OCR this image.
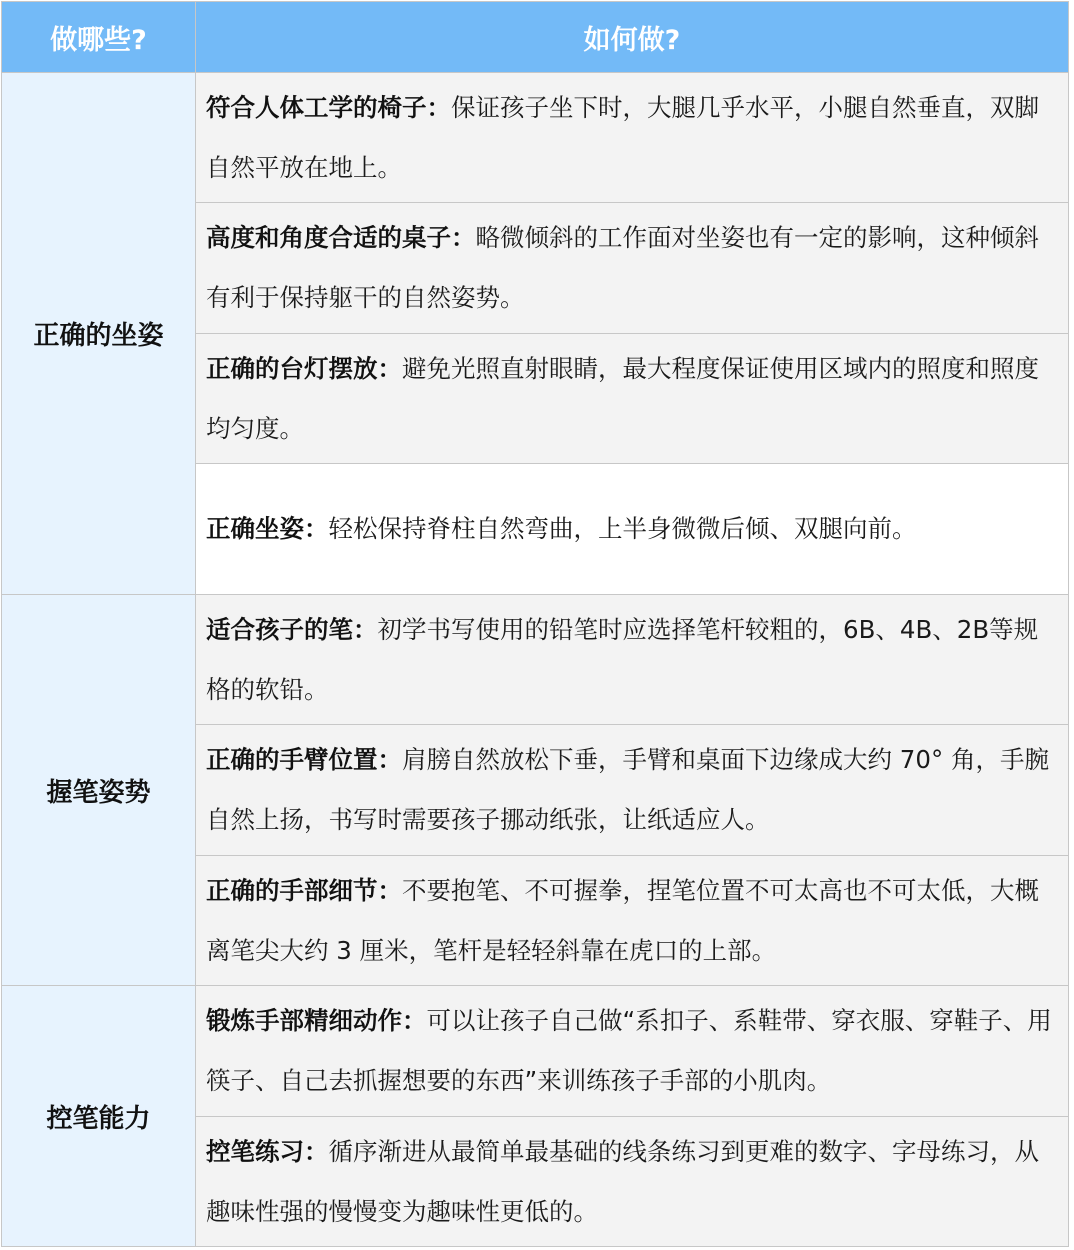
做哪些?	如何做?
正确的坐姿	符合人体工学的椅子：保证孩子坐下时，大腿几乎水平，小腿自然垂直，双脚自然平放在地上。
	高度和角度合适的桌子：略微倾斜的工作面对坐姿也有一定的影响，这种倾斜有利于保持躯干的自然姿势。
	正确的台灯摆放：避免光照直射眼睛，最大程度保证使用区域内的照度和照度均匀度。
	正确坐姿：轻松保持脊柱自然弯曲，上半身微微后倾、双腿向前。
握笔姿势	适合孩子的笔：初学书写使用的铅笔时应选择笔杆较粗的，6B、4B、2B等规格的软铅。
	正确的手臂位置：肩膀自然放松下垂，手臂和桌面下边缘成大约 70° 角，手腕自然上扬，书写时需要孩子挪动纸张，让纸适应人。
	正确的手部细节：不要抱笔、不可握拳，捏笔位置不可太高也不可太低，大概离笔尖大约 3 厘米，笔杆是轻轻斜靠在虎口的上部。
控笔能力	锻炼手部精细动作：可以让孩子自己做“系扣子、系鞋带、穿衣服、穿鞋子、用筷子、自己去抓握想要的东西”来训练孩子手部的小肌肉。
	控笔练习：循序渐进从最简单最基础的线条练习到更难的数字、字母练习，从趣味性强的慢慢变为趣味性更低的。
